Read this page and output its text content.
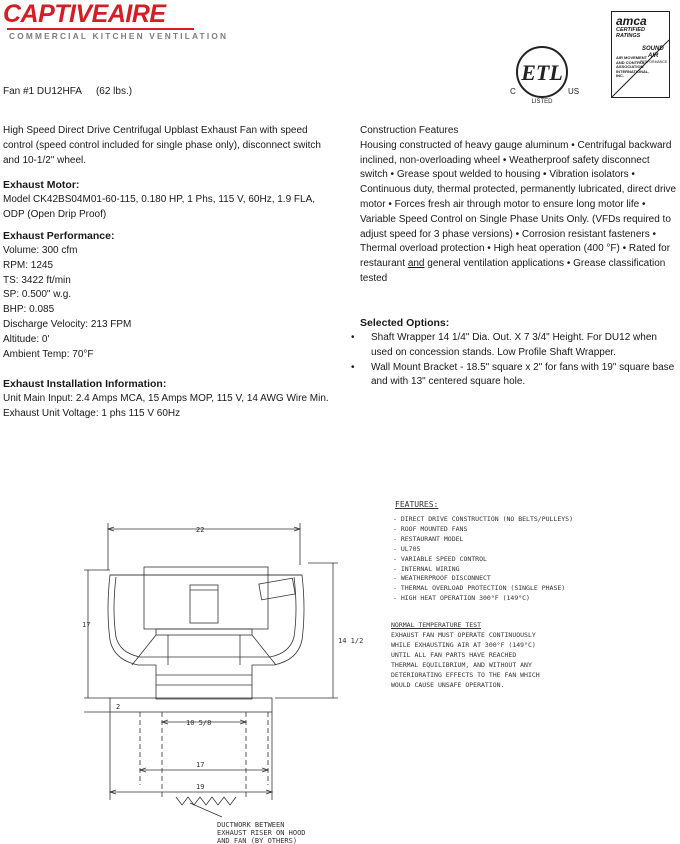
CAPTIVEAIRE
COMMERCIAL KITCHEN VENTILATION
ETL
C	US
LISTED
amca
CERTIFIED
RATINGS
SOUND
AIR
PERFORMANCE
AIR MOVEMENT AND CONTROL ASSOCIATION INTERNATIONAL, INC.
Fan #1 DU12HFA (62 lbs.)
High Speed Direct Drive Centrifugal Upblast Exhaust Fan with speed control (speed control included for single phase only), disconnect switch and 10-1/2" wheel.
Exhaust Motor:
Model CK42BS04M01-60-115, 0.180 HP, 1 Phs, 115 V, 60Hz, 1.9 FLA, ODP (Open Drip Proof)
Exhaust Performance:
Volume: 300 cfm
RPM: 1245
TS: 3422 ft/min
SP: 0.500" w.g.
BHP: 0.085
Discharge Velocity: 213 FPM
Altitude: 0'
Ambient Temp: 70°F
Exhaust Installation Information:
Unit Main Input: 2.4 Amps MCA, 15 Amps MOP, 115 V, 14 AWG Wire Min.
Exhaust Unit Voltage: 1 phs 115 V 60Hz
Construction Features
Housing constructed of heavy gauge aluminum • Centrifugal backward inclined, non-overloading wheel • Weatherproof safety disconnect switch • Grease spout welded to housing • Vibration isolators • Continuous duty, thermal protected, permanently lubricated, direct drive motor • Forces fresh air through motor to ensure long motor life • Variable Speed Control on Single Phase Units Only. (VFDs required to adjust speed for 3 phase versions) • Corrosion resistant fasteners • Thermal overload protection • High heat operation (400 °F) • Rated for restaurant and general ventilation applications • Grease classification tested
Selected Options:
• Shaft Wrapper 14 1/4" Dia. Out. X 7 3/4" Height. For DU12 when used on concession stands. Low Profile Shaft Wrapper.
• Wall Mount Bracket - 18.5" square x 2" for fans with 19" square base and with 13" centered square hole.
22
17
14 1/2
2
10 5/8
17
19
DUCTWORK BETWEEN
EXHAUST RISER ON HOOD
AND FAN (BY OTHERS)
FEATURES:
- DIRECT DRIVE CONSTRUCTION (NO BELTS/PULLEYS)
- ROOF MOUNTED FANS
- RESTAURANT MODEL
- UL705
- VARIABLE SPEED CONTROL
- INTERNAL WIRING
- WEATHERPROOF DISCONNECT
- THERMAL OVERLOAD PROTECTION (SINGLE PHASE)
- HIGH HEAT OPERATION 300°F (149°C)
NORMAL TEMPERATURE TEST
EXHAUST FAN MUST OPERATE CONTINUOUSLY
WHILE EXHAUSTING AIR AT 300°F (149°C)
UNTIL ALL FAN PARTS HAVE REACHED
THERMAL EQUILIBRIUM, AND WITHOUT ANY
DETERIORATING EFFECTS TO THE FAN WHICH
WOULD CAUSE UNSAFE OPERATION.
